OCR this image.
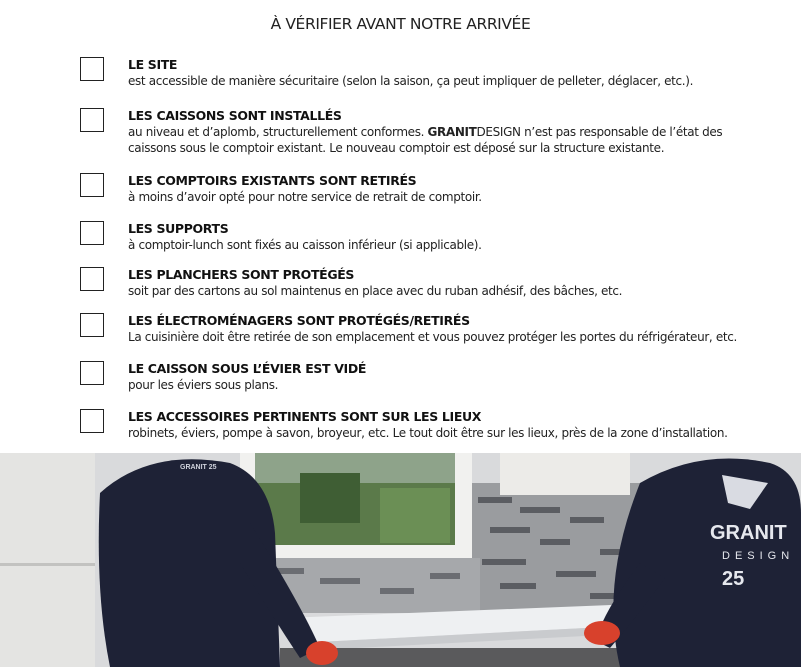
À VÉRIFIER AVANT NOTRE ARRIVÉE
LE SITE
est accessible de manière sécuritaire (selon la saison, ça peut impliquer de pelleter, déglacer, etc.).
LES CAISSONS SONT INSTALLÉS
au niveau et d’aplomb, structurellement conformes. GRANITDESIGN n’est pas responsable de l’état des
caissons sous le comptoir existant. Le nouveau comptoir est déposé sur la structure existante.
LES COMPTOIRS EXISTANTS SONT RETIRÉS
à moins d’avoir opté pour notre service de retrait de comptoir.
LES SUPPORTS
à comptoir-lunch sont fixés au caisson inférieur (si applicable).
LES PLANCHERS SONT PROTÉGÉS
soit par des cartons au sol maintenus en place avec du ruban adhésif, des bâches, etc.
LES ÉLECTROMÉNAGERS SONT PROTÉGÉS/RETIRÉS
La cuisinière doit être retirée de son emplacement et vous pouvez protéger les portes du réfrigérateur, etc.
LE CAISSON SOUS L’ÉVIER EST VIDÉ
pour les éviers sous plans.
LES ACCESSOIRES PERTINENTS SONT SUR LES LIEUX
robinets, éviers, pompe à savon, broyeur, etc. Le tout doit être sur les lieux, près de la zone d’installation.
GRANIT 25
GRANIT
DESIGN
25
